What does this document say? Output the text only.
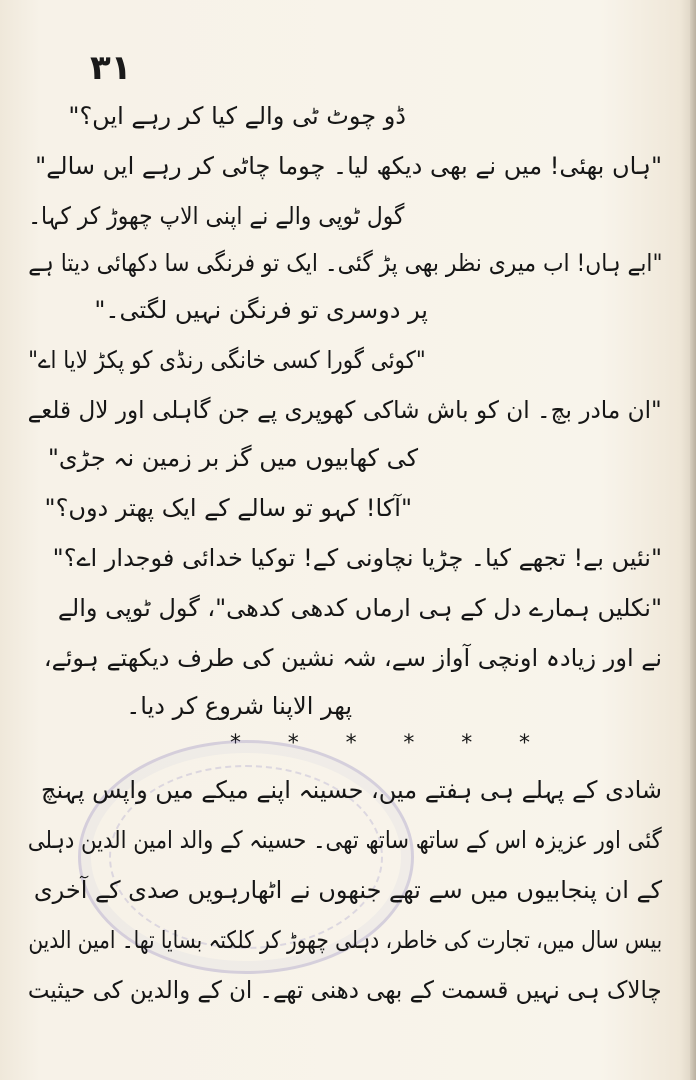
۳۱
ڈو چوٹ ٹی والے کیا کر رہے ایں؟"
"ہاں بھئی! میں نے بھی دیکھ لیا۔ چوما چاٹی کر رہے ایں سالے"
گول ٹوپی والے نے اپنی الاپ چھوڑ کر کہا۔
"ابے ہاں! اب میری نظر بھی پڑ گئی۔ ایک تو فرنگی سا دکھائی دیتا ہے
پر دوسری تو فرنگن نہیں لگتی۔"
"کوئی گورا کسی خانگی رنڈی کو پکڑ لایا اے"
"ان مادر بچ۔ ان کو باش شاکی کھوپری پے جن گاہلی اور لال قلعے
کی کھابیوں میں گز بر زمین نہ جڑی"
"آکا! کہو تو سالے کے ایک پھتر دوں؟"
"نئیں بے! تجھے کیا۔ چڑیا نچاونی کے! توکیا خدائی فوجدار اے؟"
"نکلیں ہمارے دل کے ہی ارماں کدھی کدھی"، گول ٹوپی والے
نے اور زیادہ اونچی آواز سے، شہ نشین کی طرف دیکھتے ہوئے،
پھر الاپنا شروع کر دیا۔
* * * * * *
شادی کے پہلے ہی ہفتے میں، حسینہ اپنے میکے میں واپس پہنچ
گئی اور عزیزہ اس کے ساتھ ساتھ تھی۔ حسینہ کے والد امین الدین دہلی
کے ان پنجابیوں میں سے تھے جنھوں نے اٹھارہویں صدی کے آخری
بیس سال میں، تجارت کی خاطر، دہلی چھوڑ کر کلکتہ بسایا تھا۔ امین الدین
چالاک ہی نہیں قسمت کے بھی دھنی تھے۔ ان کے والدین کی حیثیت
